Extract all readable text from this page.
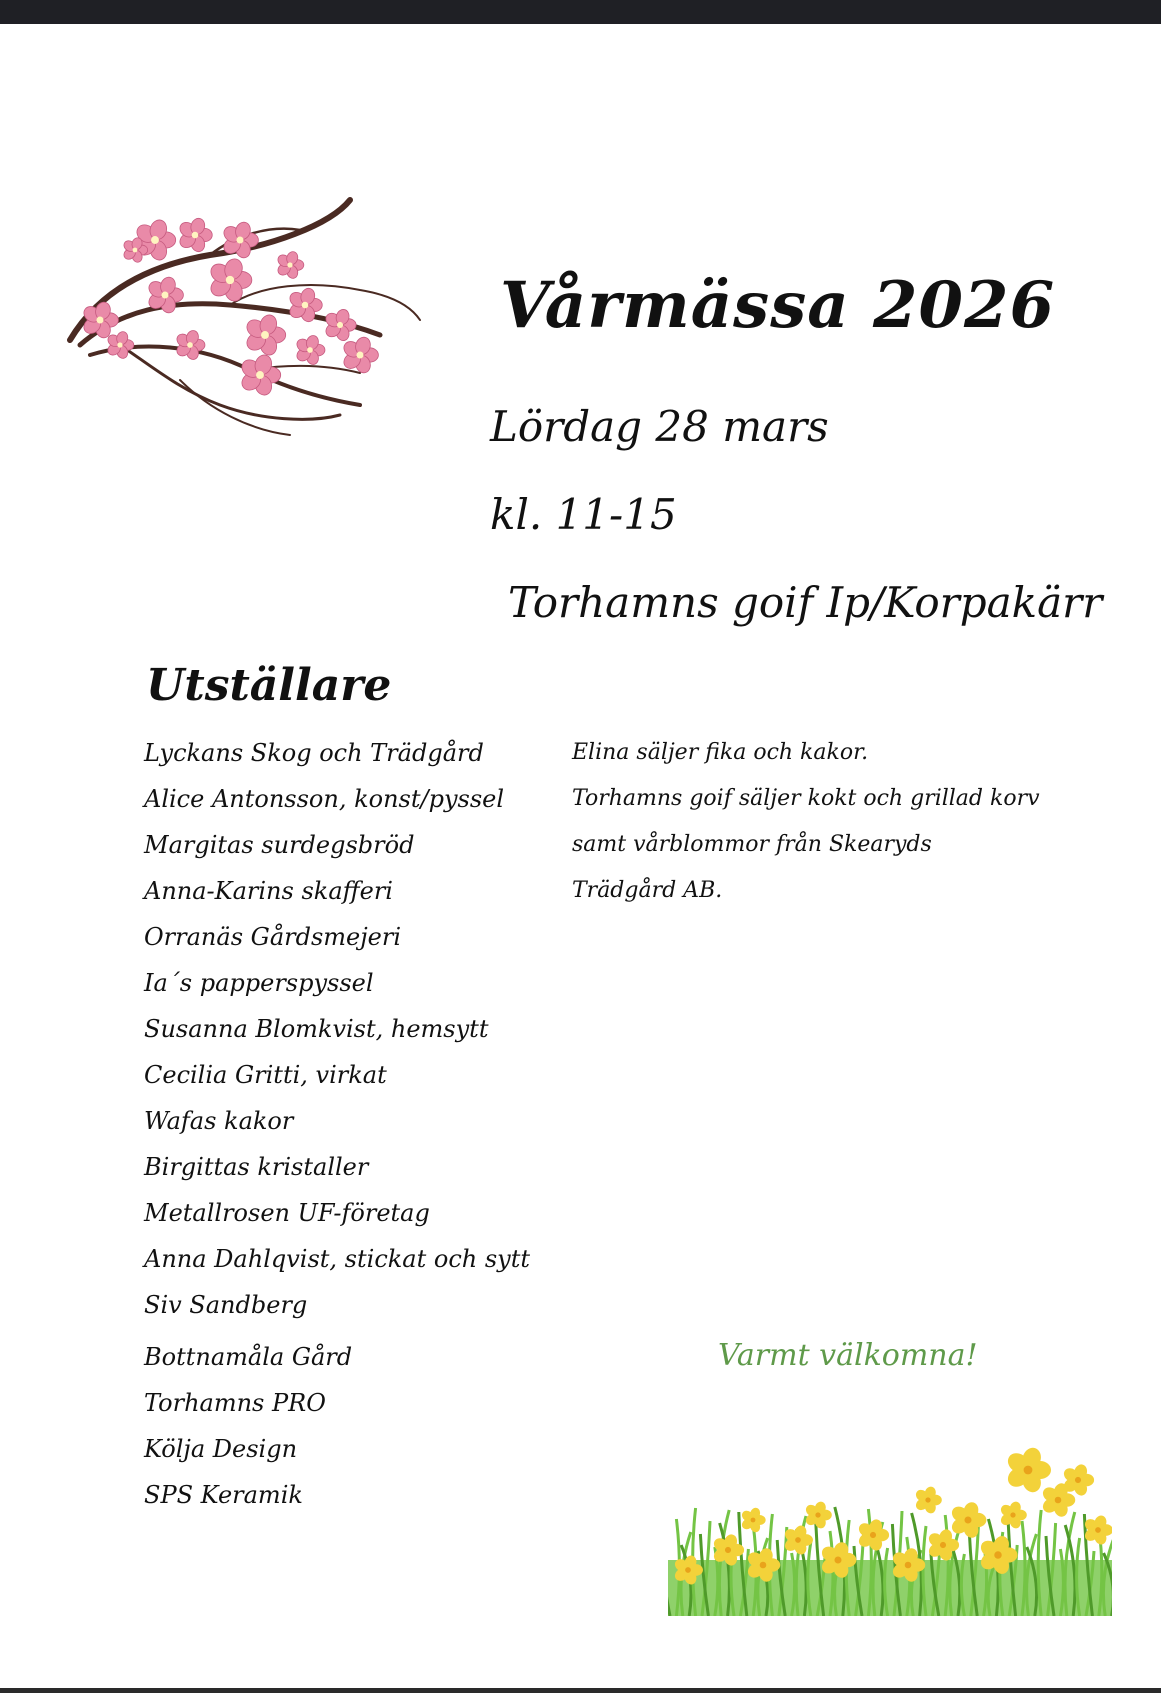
Vårmässa 2026
Lördag 28 mars
kl. 11-15
Torhamns goif Ip/Korpakärr
Utställare
Lyckans Skog och Trädgård
Alice Antonsson, konst/pyssel
Margitas surdegsbröd
Anna-Karins skafferi
Orranäs Gårdsmejeri
Ia´s papperspyssel
Susanna Blomkvist, hemsytt
Cecilia Gritti, virkat
Wafas kakor
Birgittas kristaller
Metallrosen UF-företag
Anna Dahlqvist, stickat och sytt
Siv Sandberg
Bottnamåla Gård
Torhamns PRO
Kölja Design
SPS Keramik
Elina säljer fika och kakor.
Torhamns goif säljer kokt och grillad korv
samt vårblommor från Skearyds
Trädgård AB.
Varmt välkomna!
